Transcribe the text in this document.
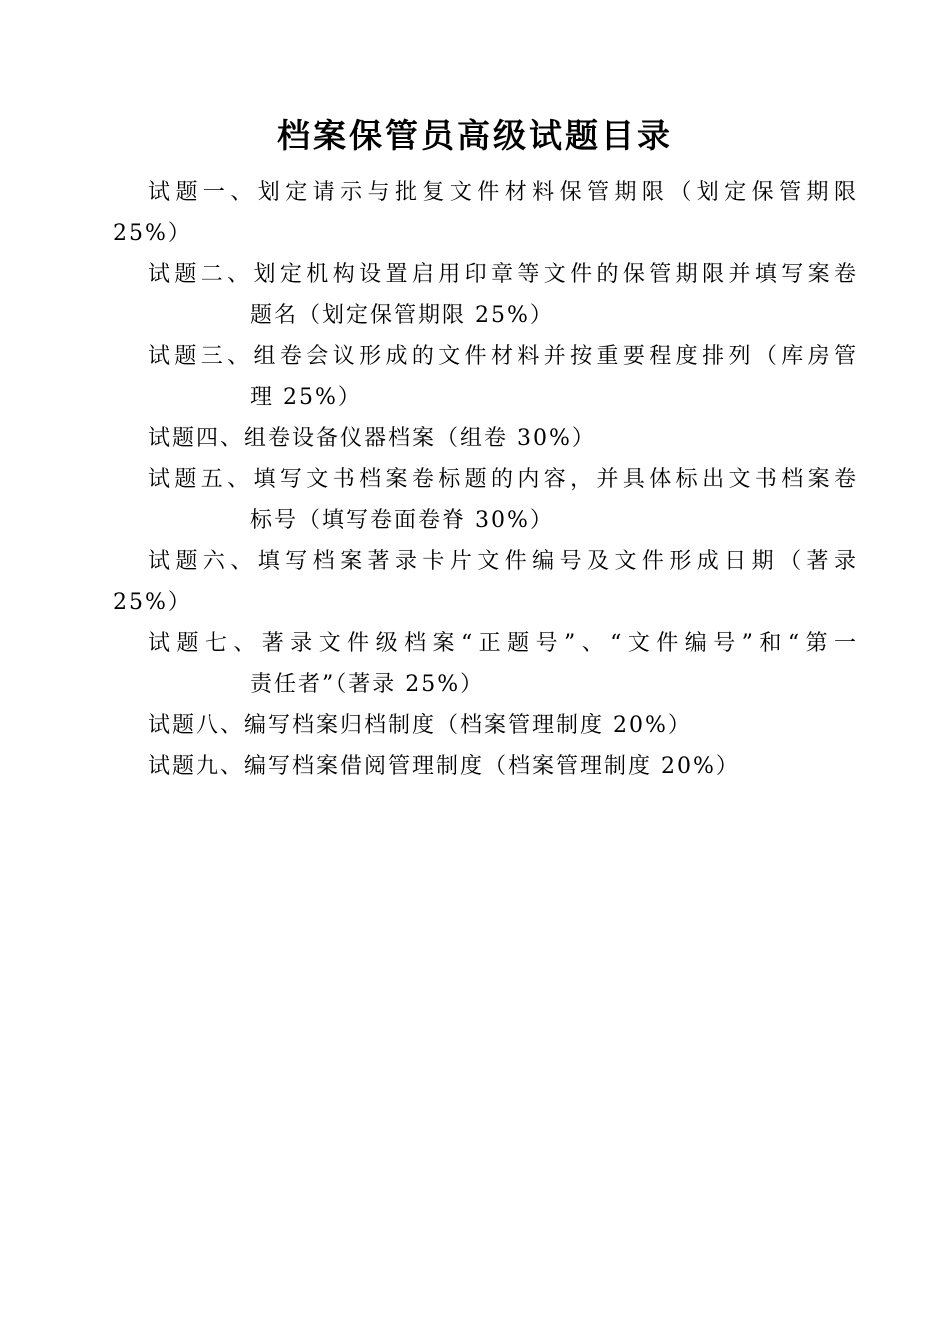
档案保管员高级试题目录
试题一、划定请示与批复文件材料保管期限（划定保管期限
25%）
试题二、划定机构设置启用印章等文件的保管期限并填写案卷
题名（划定保管期限 25%）
试题三、组卷会议形成的文件材料并按重要程度排列（库房管
理 25%）
试题四、组卷设备仪器档案（组卷 30%）
试题五、填写文书档案卷标题的内容，并具体标出文书档案卷
标号（填写卷面卷脊 30%）
试题六、填写档案著录卡片文件编号及文件形成日期（著录
25%）
试题七、著录文件级档案“正题号”、“文件编号”和“第一
责任者”（著录 25%）
试题八、编写档案归档制度（档案管理制度 20%）
试题九、编写档案借阅管理制度（档案管理制度 20%）
